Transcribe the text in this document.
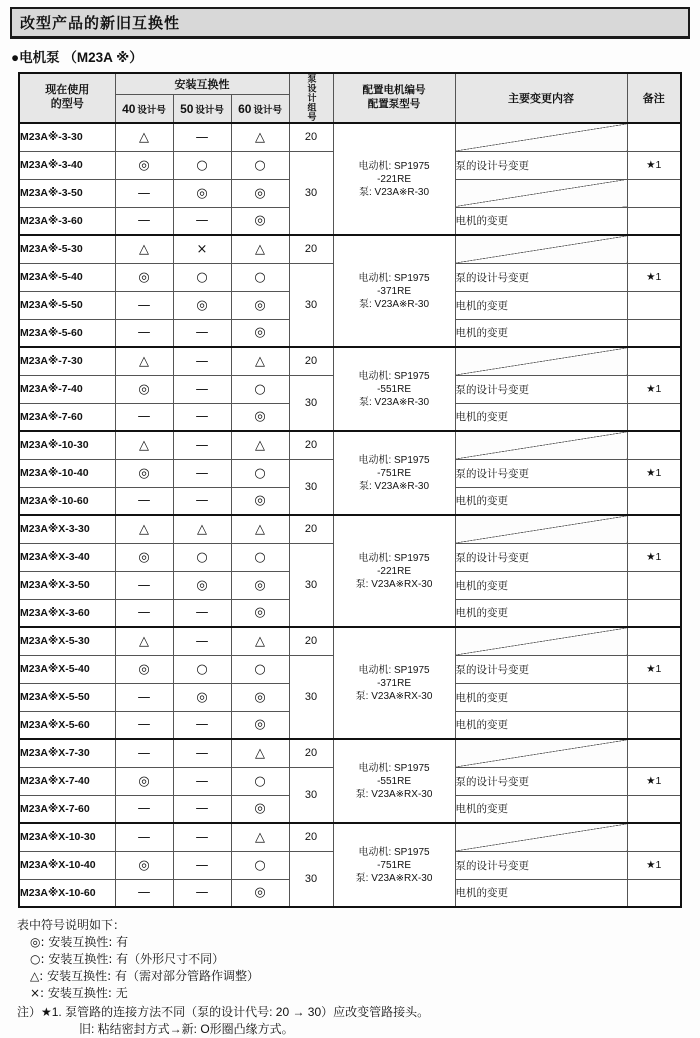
改型产品的新旧互换性
●电机泵 （M23A ※）
现在使用
的型号
	安装互换性	泵设计组号	配置电机编号
配置泵型号	主要变更内容	备注
	40 设计号	50 设计号	60 设计号				
M23A※-3-30	△	—	△	20	电动机: SP1975
-221RE
泵: V23A※R-30		

M23A※-3-40	◎	○	○	30		泵的设计号变更	★1
M23A※-3-50	—	◎	◎				
M23A※-3-60	—	—	◎			电机的变更	
M23A※-5-30	△	×	△	20	电动机: SP1975
-371RE
泵: V23A※R-30		

M23A※-5-40	◎	○	○	30		泵的设计号变更	★1
M23A※-5-50	—	◎	◎			电机的变更	
M23A※-5-60	—	—	◎			电机的变更	
M23A※-7-30	△	—	△	20	电动机: SP1975
-551RE
泵: V23A※R-30		

M23A※-7-40	◎	—	○	30		泵的设计号变更	★1
M23A※-7-60	—	—	◎			电机的变更	
M23A※-10-30	△	—	△	20	电动机: SP1975
-751RE
泵: V23A※R-30		

M23A※-10-40	◎	—	○	30		泵的设计号变更	★1
M23A※-10-60	—	—	◎			电机的变更	
M23A※X-3-30	△	△	△	20	电动机: SP1975
-221RE
泵: V23A※RX-30		

M23A※X-3-40	◎	○	○	30		泵的设计号变更	★1
M23A※X-3-50	—	◎	◎			电机的变更	
M23A※X-3-60	—	—	◎			电机的变更	
M23A※X-5-30	△	—	△	20	电动机: SP1975
-371RE
泵: V23A※RX-30		

M23A※X-5-40	◎	○	○	30		泵的设计号变更	★1
M23A※X-5-50	—	◎	◎			电机的变更	
M23A※X-5-60	—	—	◎			电机的变更	
M23A※X-7-30	—	—	△	20	电动机: SP1975
-551RE
泵: V23A※RX-30		

M23A※X-7-40	◎	—	○	30		泵的设计号变更	★1
M23A※X-7-60	—	—	◎			电机的变更	
M23A※X-10-30	—	—	△	20	电动机: SP1975
-751RE
泵: V23A※RX-30		

M23A※X-10-40	◎	—	○	30		泵的设计号变更	★1
M23A※X-10-60	—	—	◎			电机的变更	
表中符号说明如下：
◎: 安装互换性: 有
○: 安装互换性: 有（外形尺寸不同）
△: 安装互换性: 有（需对部分管路作调整）
×: 安装互换性: 无
注）★1. 泵管路的连接方法不同（泵的设计代号: 20 → 30）应改变管路接头。
旧: 粘结密封方式→新: O形圈凸缘方式。
